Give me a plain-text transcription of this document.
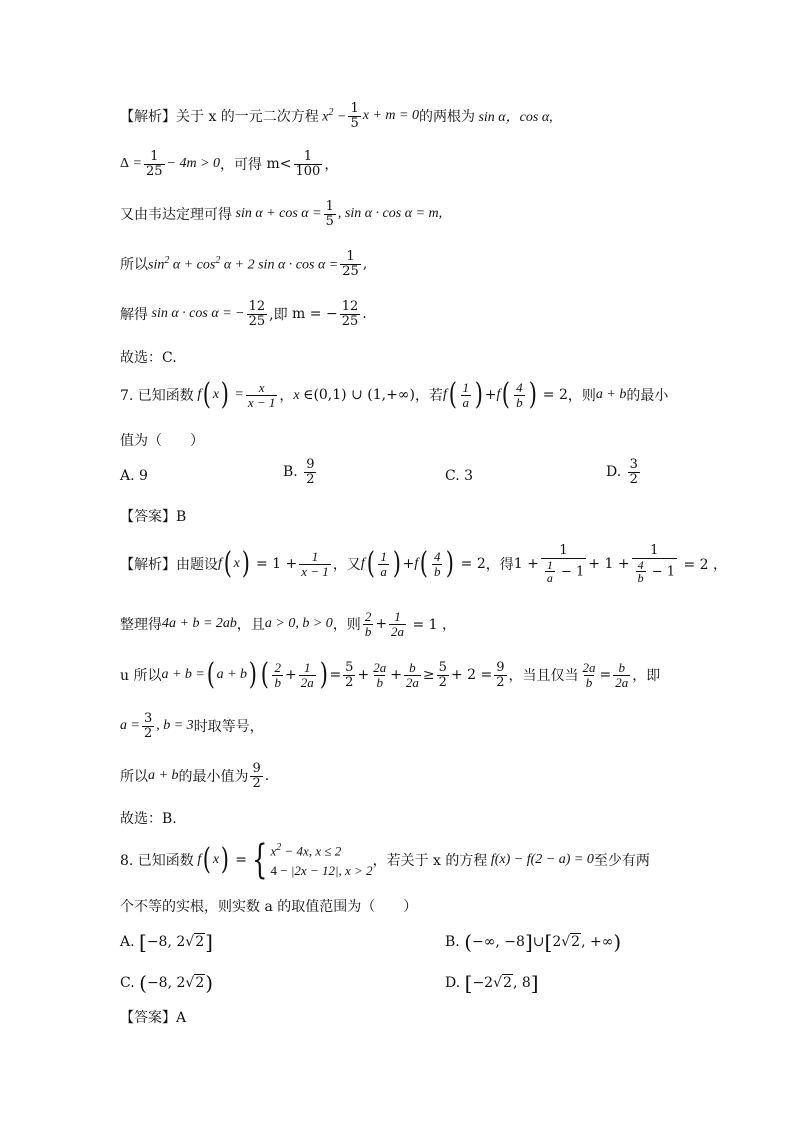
【解析】关于 x 的一元二次方程 $x^2 - \frac{1}{5}$ x + m = 0 的两根为 sin α，cos α,
$\Delta = \frac{1}{25} - 4m > 0$ ，可得 $m< \frac{1}{100}$ ，
又由韦达定理可得 $\sin \alpha + \cos \alpha = \frac{1}{5}$ , sin α · cos α = m,
所以 $\sin^2 \alpha + \cos^2 \alpha + 2$ $\sin \alpha \cdot \cos \alpha = \frac{1}{25}$ ,
解得 sin α · cos α = − $\frac{12}{25}$ ,即 m = − $\frac{12}{25}$ .
故选：C.
7. 已知函数 f ( x ) = $\frac{x}{x - 1}$ ， x ∈ (0,1) ∪ (1,+∞) ，若 f ( $\frac{1}{a}$ ) + f ( $\frac{4}{b}$ ) = 2 ，则 a + b 的最小
值为（　　）
A. 9	B.
$\frac{9}{2}$	C. 3	D.
$\frac{3}{2}$
【答案】B
【解析】由题设 f ( x ) = $1 + \frac{1}{x - 1}$ ，又 f ( $\frac{1}{a}$ ) + f ( $\frac{4}{b}$ ) = 2 ，得 $1 + \frac{1}{\frac{1}{a} - 1} + 1 + \frac{1}{\frac{4}{b} - 1} = 2$ ，
整理得 4a + b = 2ab ，且 a > 0, b > 0 ，则 $\frac{2}{b} + \frac{1}{2a} = 1$ ，
u 所以 a + b = ( a + b ) ( $\frac{2}{b} + \frac{1}{2a}$ ) = $\frac{5}{2} + \frac{2a}{b} + \frac{b}{2a} \ge \frac{5}{2} + 2 = \frac{9}{2}$ ，当且仅当 $\frac{2a}{b} = \frac{b}{2a}$ ，即
$a = \frac{3}{2}$ , b = 3 时取等号，
所以 a + b 的最小值为 $\frac{9}{2}$ .
故选：B.
8. 已知函数 f ( x ) = { $x^2 - 4x$, x ≤ 2
4 − |2x − 12|, x > 2
，若关于 x 的方程 f(x) − f(2 − a) = 0 至少有两
个不等的实根，则实数 a 的取值范围为（　　）
A.
[ −8, 2√2 ]	B.
( −∞, −8 ] ∪ [ 2√2, +∞ )
C.
( −8, 2√2 )	D.
[ −2√2, 8 ]
【答案】A
